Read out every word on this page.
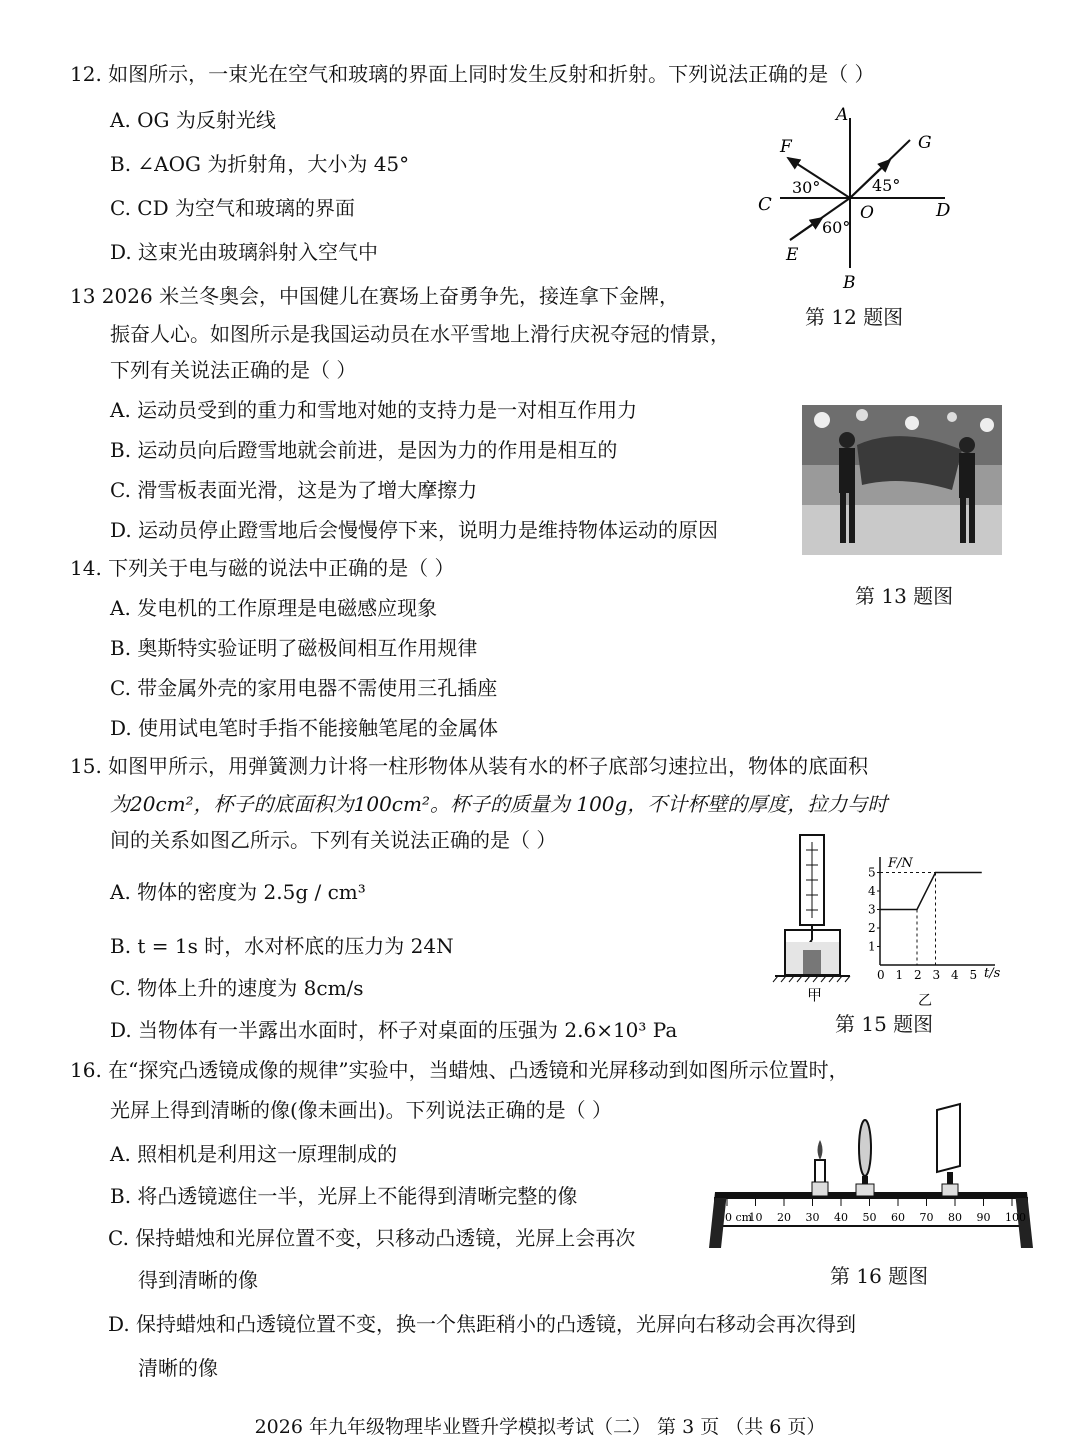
12. 如图所示，一束光在空气和玻璃的界面上同时发生反射和折射。下列说法正确的是（ ）
A. OG 为反射光线
B. ∠AOG 为折射角，大小为 45°
C. CD 为空气和玻璃的界面
D. 这束光由玻璃斜射入空气中
A
B
C	D
E
F	G
O
30°	45°
60°
第 12 题图
13 2026 米兰冬奥会，中国健儿在赛场上奋勇争先，接连拿下金牌，
振奋人心。如图所示是我国运动员在水平雪地上滑行庆祝夺冠的情景，
下列有关说法正确的是（ ）
A. 运动员受到的重力和雪地对她的支持力是一对相互作用力
B. 运动员向后蹬雪地就会前进，是因为力的作用是相互的
C. 滑雪板表面光滑，这是为了增大摩擦力
D. 运动员停止蹬雪地后会慢慢停下来，说明力是维持物体运动的原因
第 13 题图
14. 下列关于电与磁的说法中正确的是（ ）
A. 发电机的工作原理是电磁感应现象
B. 奥斯特实验证明了磁极间相互作用规律
C. 带金属外壳的家用电器不需使用三孔插座
D. 使用试电笔时手指不能接触笔尾的金属体
15. 如图甲所示，用弹簧测力计将一柱形物体从装有水的杯子底部匀速拉出，物体的底面积
为20cm²，杯子的底面积为100cm²。杯子的质量为 100g，不计杯壁的厚度，拉力与时
间的关系如图乙所示。下列有关说法正确的是（ ）
A. 物体的密度为 2.5g / cm³
B. t = 1s 时，水对杯底的压力为 24N
C. 物体上升的速度为 8cm/s
D. 当物体有一半露出水面时，杯子对桌面的压强为 2.6×10³ Pa
甲
1
2
3
4
5
0 1 2 3 4 5
F/N
t/s
乙
第 15 题图
16. 在“探究凸透镜成像的规律”实验中，当蜡烛、凸透镜和光屏移动到如图所示位置时，
光屏上得到清晰的像(像未画出)。下列说法正确的是（ ）
A. 照相机是利用这一原理制成的
B. 将凸透镜遮住一半，光屏上不能得到清晰完整的像
C. 保持蜡烛和光屏位置不变，只移动凸透镜，光屏上会再次
得到清晰的像
D. 保持蜡烛和凸透镜位置不变，换一个焦距稍小的凸透镜，光屏向右移动会再次得到
清晰的像
0 cm
10 20 30 40 50 60 70 80 90 100
第 16 题图
2026 年九年级物理毕业暨升学模拟考试（二） 第 3 页 （共 6 页）
